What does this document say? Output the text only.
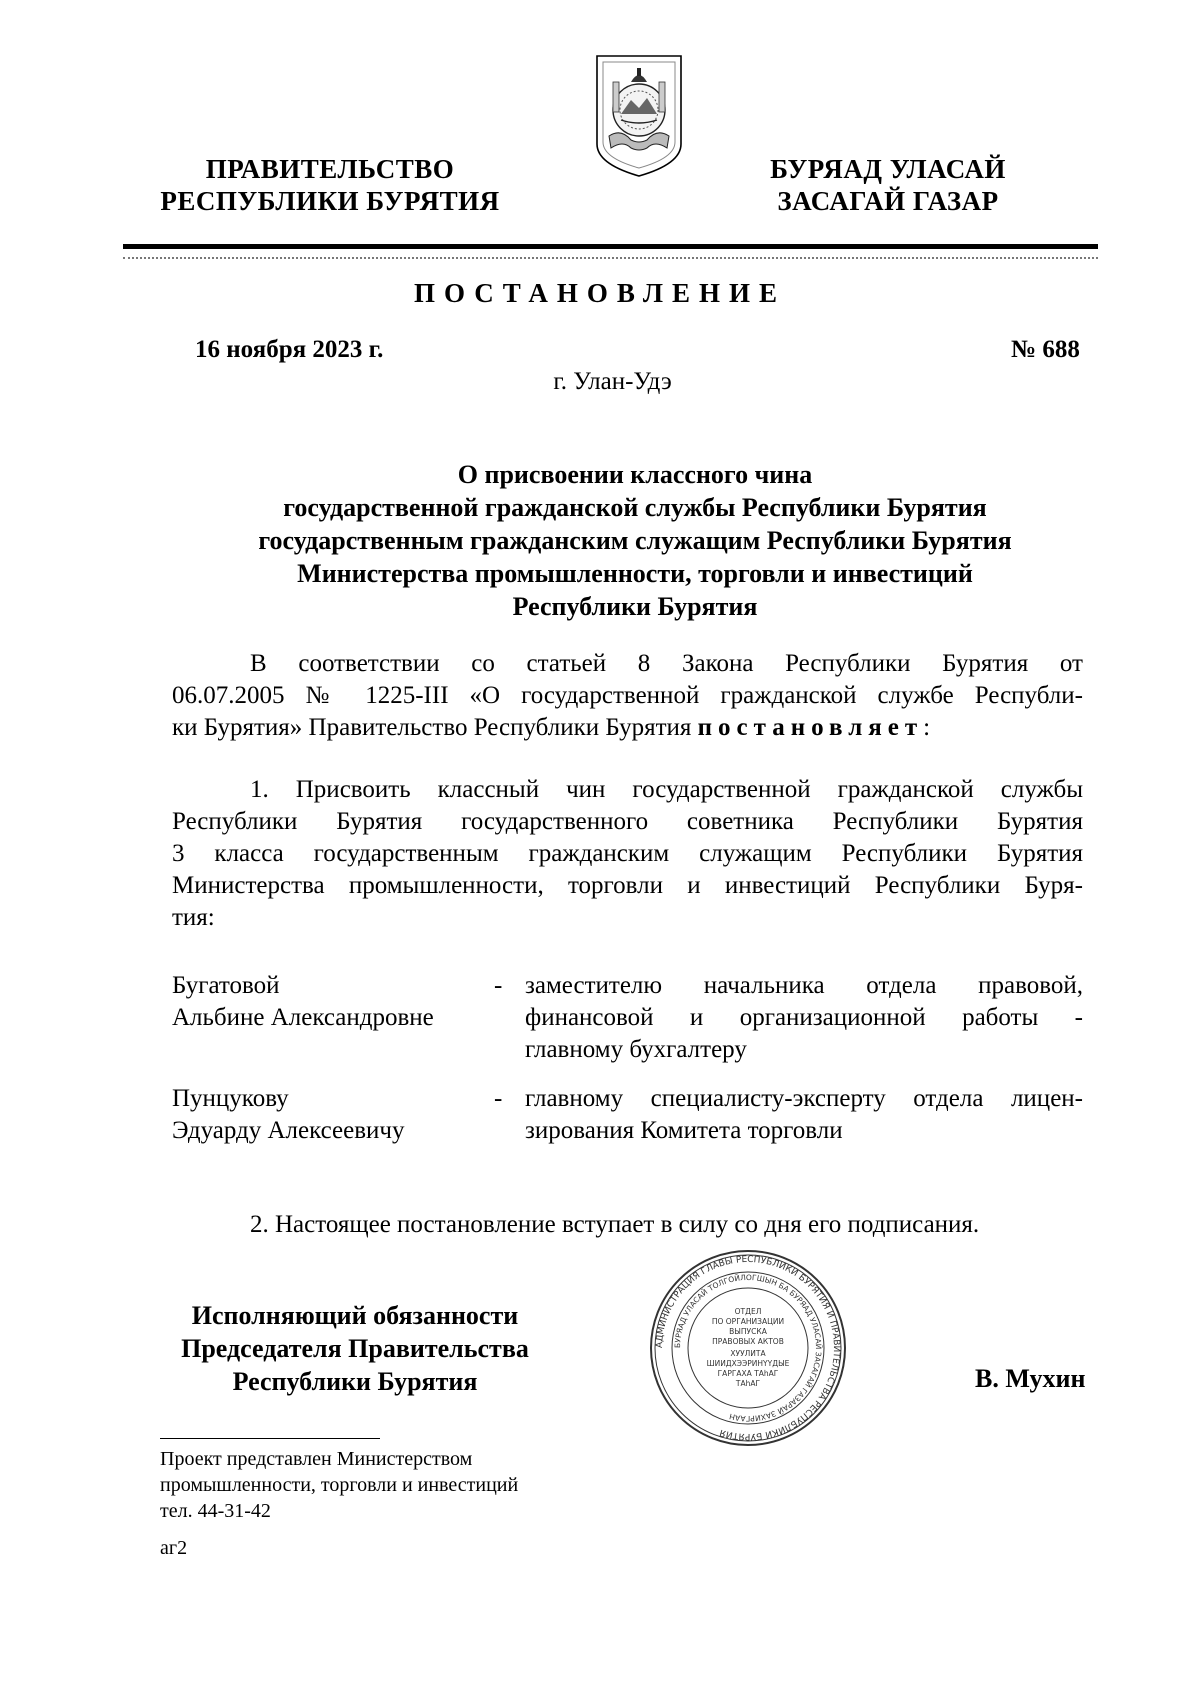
ПРАВИТЕЛЬСТВО
РЕСПУБЛИКИ БУРЯТИЯ
БУРЯАД УЛАСАЙ
ЗАСАГАЙ ГАЗАР
ПОСТАНОВЛЕНИЕ
16 ноября 2023 г.	№ 688
г. Улан-Удэ
О присвоении классного чина
государственной гражданской службы Республики Бурятия
государственным гражданским служащим Республики Бурятия
Министерства промышленности, торговли и инвестиций
Республики Бурятия
В соответствии со статьей 8 Закона Республики Бурятия от
06.07.2005 № 1225-III «О государственной гражданской службе Республи-
ки Бурятия» Правительство Республики Бурятия постановляет:
1. Присвоить классный чин государственной гражданской службы
Республики Бурятия государственного советника Республики Бурятия
3 класса государственным гражданским служащим Республики Бурятия
Министерства промышленности, торговли и инвестиций Республики Буря-
тия:
Бугатовой
Альбине Александровне
- заместителю начальника отдела правовой,
финансовой и организационной работы -
главному бухгалтеру
Пунцукову
Эдуарду Алексеевичу
- главному специалисту-эксперту отдела лицен-
зирования Комитета торговли
2. Настоящее постановление вступает в силу со дня его подписания.
Исполняющий обязанности
Председателя Правительства
Республики Бурятия	В. Мухин
АДМИНИСТРАЦИЯ ГЛАВЫ РЕСПУБЛИКИ БУРЯТИЯ И ПРАВИТЕЛЬСТВА РЕСПУБЛИКИ БУРЯТИЯ
БУРЯАД УЛАСАЙ ТОЛГОЙЛОГШЫН БА БУРЯАД УЛАСАЙ ЗАСАГАЙ ГАЗАРАЙ ЗАХИРГААН
ОТДЕЛ
ПО ОРГАНИЗАЦИИ
ВЫПУСКА
ПРАВОВЫХ АКТОВ
ХУУЛИТА
ШИИДХЭЭРИНҮҮДЫЕ
ГАРГАХА ТАһАГ
ТАһАГ
Проект представлен Министерством
промышленности, торговли и инвестиций
тел. 44-31-42
аг2
